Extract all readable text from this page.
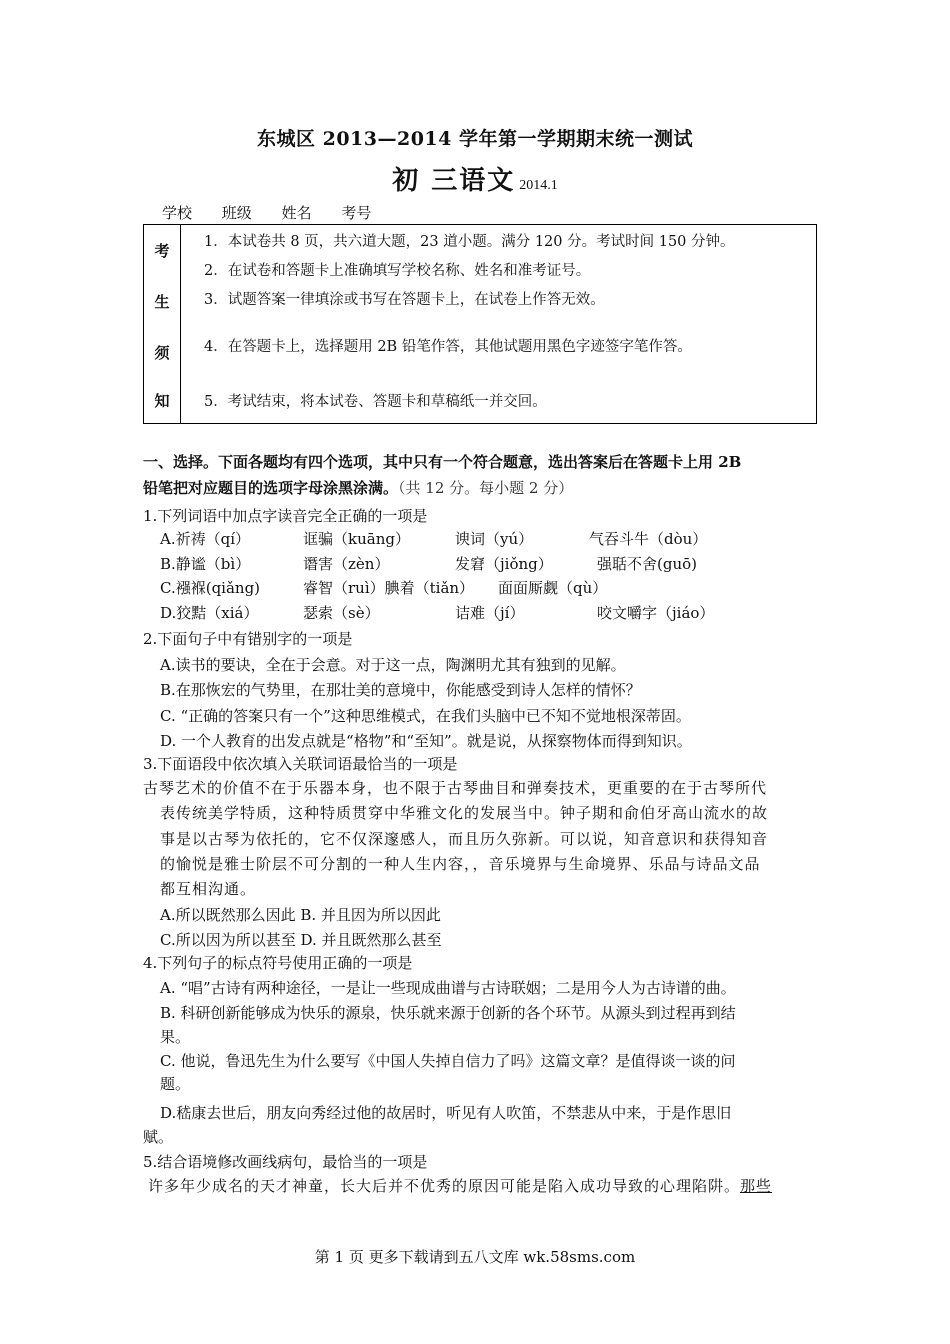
东城区 2013—2014 学年第一学期期末统一测试
初 三语文 2014.1
学校 班级 姓名 考号
考
生
须
知
1．本试卷共 8 页，共六道大题，23 道小题。满分 120 分。考试时间 150 分钟。
2．在试卷和答题卡上准确填写学校名称、姓名和准考证号。
3．试题答案一律填涂或书写在答题卡上，在试卷上作答无效。
4．在答题卡上，选择题用 2B 铅笔作答，其他试题用黑色字迹签字笔作答。
5．考试结束，将本试卷、答题卡和草稿纸一并交回。
一、选择。下面各题均有四个选项，其中只有一个符合题意，选出答案后在答题卡上用 2B
铅笔把对应题目的选项字母涂黑涂满。（共 12 分。每小题 2 分）
1.下列词语中加点字读音完全正确的一项是
A.祈祷（qí）	诓骗（kuāng）	谀词（yú）	气吞斗牛（dòu）
B.静谧（bì）	谮害（zèn）	发窘（jiǒng）	强聒不舍(guō)
C.襁褓(qiǎng)	睿智（ruì）腆着（tiǎn） 面面厮觑（qù）
D.狡黠（xiá）	瑟索（sè）	诘难（jí）	咬文嚼字（jiáo）
2.下面句子中有错别字的一项是
A.读书的要诀，全在于会意。对于这一点，陶渊明尤其有独到的见解。
B.在那恢宏的气势里，在那壮美的意境中，你能感受到诗人怎样的情怀？
C. “正确的答案只有一个”这种思维模式，在我们头脑中已不知不觉地根深蒂固。
D. 一个人教育的出发点就是“格物”和“至知”。就是说，从探察物体而得到知识。
3.下面语段中依次填入关联词语最恰当的一项是
古琴艺术的价值不在于乐器本身，也不限于古琴曲目和弹奏技术，更重要的在于古琴所代
表传统美学特质，这种特质贯穿中华雅文化的发展当中。钟子期和俞伯牙高山流水的故
事是以古琴为依托的，它不仅深邃感人，而且历久弥新。可以说，知音意识和获得知音
的愉悦是雅士阶层不可分割的一种人生内容，，音乐境界与生命境界、乐品与诗品文品
都互相沟通。
A.所以既然那么因此 B. 并且因为所以因此
C.所以因为所以甚至 D. 并且既然那么甚至
4.下列句子的标点符号使用正确的一项是
A. “唱”古诗有两种途径，一是让一些现成曲谱与古诗联姻；二是用今人为古诗谱的曲。
B. 科研创新能够成为快乐的源泉，快乐就来源于创新的各个环节。从源头到过程再到结
果。
C. 他说，鲁迅先生为什么要写《中国人失掉自信力了吗》这篇文章？是值得谈一谈的问
题。
D.嵇康去世后，朋友向秀经过他的故居时，听见有人吹笛，不禁悲从中来，于是作思旧
赋。
5.结合语境修改画线病句，最恰当的一项是
许多年少成名的天才神童，长大后并不优秀的原因可能是陷入成功导致的心理陷阱。那些
第 1 页 更多下载请到五八文库 wk.58sms.com
